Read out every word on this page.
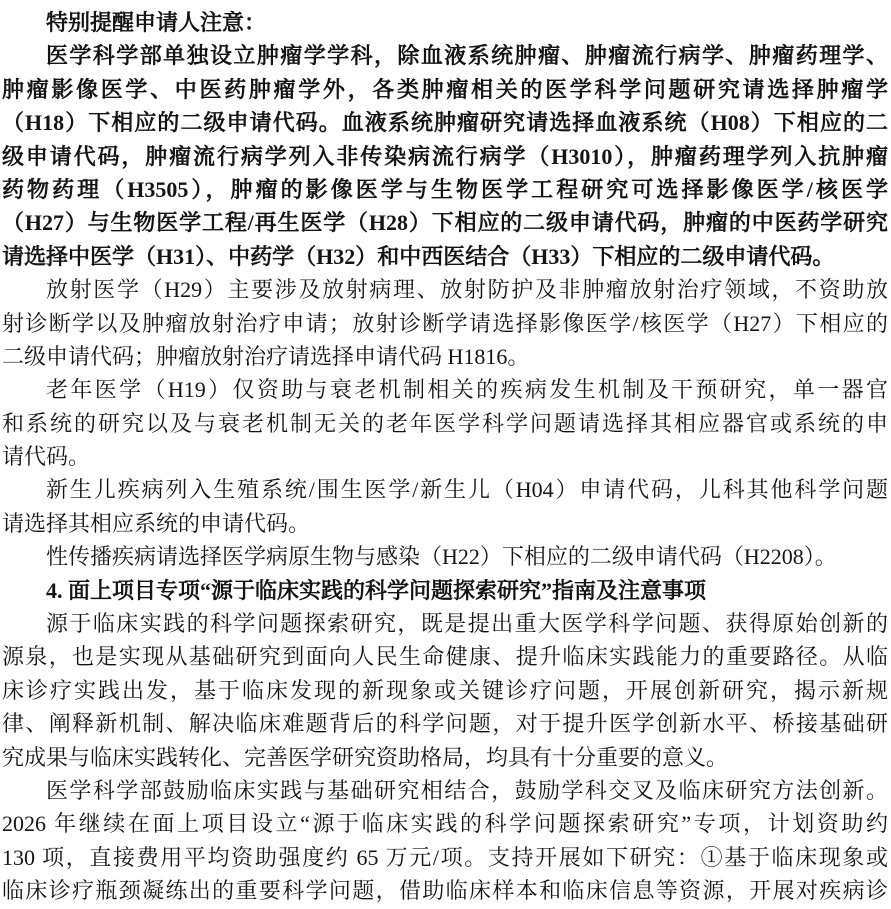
特别提醒申请人注意：
医学科学部单独设立肿瘤学学科，除血液系统肿瘤、肿瘤流行病学、肿瘤药理学、
肿瘤影像医学、中医药肿瘤学外，各类肿瘤相关的医学科学问题研究请选择肿瘤学
（H18）下相应的二级申请代码。血液系统肿瘤研究请选择血液系统（H08）下相应的二
级申请代码，肿瘤流行病学列入非传染病流行病学（H3010），肿瘤药理学列入抗肿瘤
药物药理（H3505），肿瘤的影像医学与生物医学工程研究可选择影像医学/核医学
（H27）与生物医学工程/再生医学（H28）下相应的二级申请代码，肿瘤的中医药学研究
请选择中医学（H31）、中药学（H32）和中西医结合（H33）下相应的二级申请代码。
放射医学（H29）主要涉及放射病理、放射防护及非肿瘤放射治疗领域，不资助放
射诊断学以及肿瘤放射治疗申请；放射诊断学请选择影像医学/核医学（H27）下相应的
二级申请代码；肿瘤放射治疗请选择申请代码 H1816。
老年医学（H19）仅资助与衰老机制相关的疾病发生机制及干预研究，单一器官
和系统的研究以及与衰老机制无关的老年医学科学问题请选择其相应器官或系统的申
请代码。
新生儿疾病列入生殖系统/围生医学/新生儿（H04）申请代码，儿科其他科学问题
请选择其相应系统的申请代码。
性传播疾病请选择医学病原生物与感染（H22）下相应的二级申请代码（H2208）。
4. 面上项目专项“源于临床实践的科学问题探索研究”指南及注意事项
源于临床实践的科学问题探索研究，既是提出重大医学科学问题、获得原始创新的
源泉，也是实现从基础研究到面向人民生命健康、提升临床实践能力的重要路径。从临
床诊疗实践出发，基于临床发现的新现象或关键诊疗问题，开展创新研究，揭示新规
律、阐释新机制、解决临床难题背后的科学问题，对于提升医学创新水平、桥接基础研
究成果与临床实践转化、完善医学研究资助格局，均具有十分重要的意义。
医学科学部鼓励临床实践与基础研究相结合，鼓励学科交叉及临床研究方法创新。
2026 年继续在面上项目设立“源于临床实践的科学问题探索研究”专项，计划资助约
130 项，直接费用平均资助强度约 65 万元/项。支持开展如下研究：①基于临床现象或
临床诊疗瓶颈凝练出的重要科学问题，借助临床样本和临床信息等资源，开展对疾病诊
